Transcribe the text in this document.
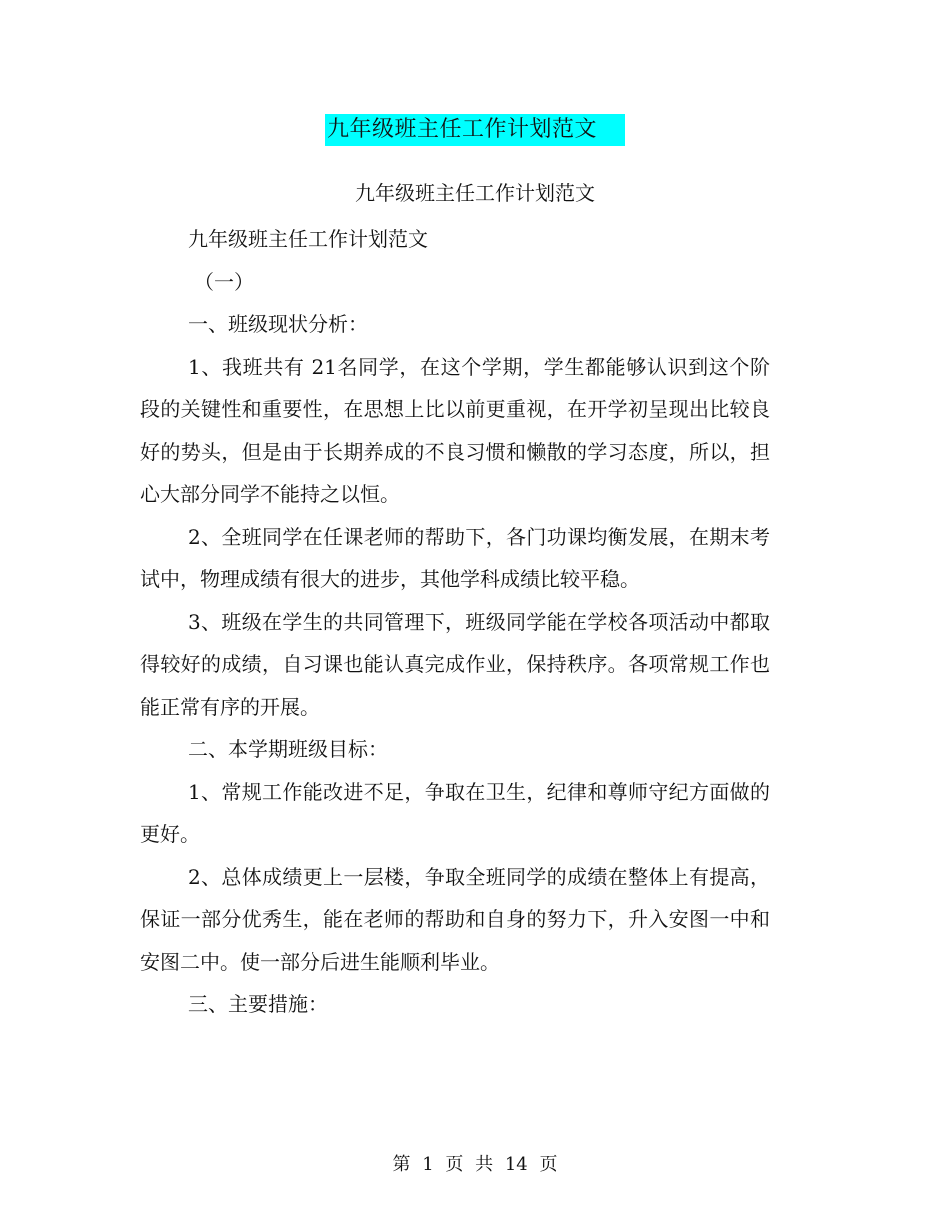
九年级班主任工作计划范文
九年级班主任工作计划范文

九年级班主任工作计划范文

（一）

一、班级现状分析：

1、我班共有 21名同学，在这个学期，学生都能够认识到这个阶段的关键性和重要性，在思想上比以前更重视，在开学初呈现出比较良好的势头，但是由于长期养成的不良习惯和懒散的学习态度，所以，担心大部分同学不能持之以恒。

2、全班同学在任课老师的帮助下，各门功课均衡发展，在期末考试中，物理成绩有很大的进步，其他学科成绩比较平稳。

3、班级在学生的共同管理下，班级同学能在学校各项活动中都取得较好的成绩，自习课也能认真完成作业，保持秩序。各项常规工作也能正常有序的开展。

二、本学期班级目标：

1、常规工作能改进不足，争取在卫生，纪律和尊师守纪方面做的更好。

2、总体成绩更上一层楼，争取全班同学的成绩在整体上有提高，保证一部分优秀生，能在老师的帮助和自身的努力下，升入安图一中和安图二中。使一部分后进生能顺利毕业。

三、主要措施：

第 1 页 共 14 页
